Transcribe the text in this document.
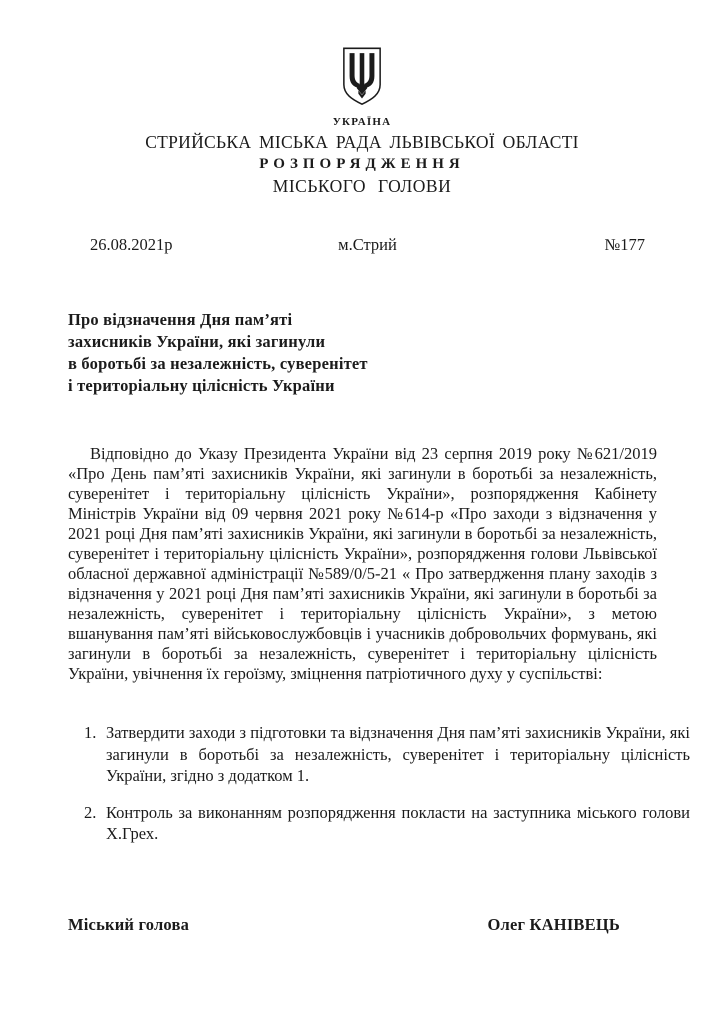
УКРАЇНА
СТРИЙСЬКА МІСЬКА РАДА ЛЬВІВСЬКОЇ ОБЛАСТІ
РОЗПОРЯДЖЕННЯ
МІСЬКОГО ГОЛОВИ
26.08.2021р	м.Стрий	№177
Про відзначення Дня пам’яті
захисників України, які загинули
в боротьбі за незалежність, суверенітет
і територіальну цілісність України

Відповідно до Указу Президента України від 23 серпня 2019 року №621/2019 «Про День пам’яті захисників України, які загинули в боротьбі за незалежність, суверенітет і територіальну цілісність України», розпорядження Кабінету Міністрів України від 09 червня 2021 року №614-р «Про заходи з відзначення у 2021 році Дня пам’яті захисників України, які загинули в боротьбі за незалежність, суверенітет і територіальну цілісність України», розпорядження голови Львівської обласної державної адміністрації №589/0/5-21 « Про затвердження плану заходів з відзначення у 2021 році Дня пам’яті захисників України, які загинули в боротьбі за незалежність, суверенітет і територіальну цілісність України», з метою вшанування пам’яті військовослужбовців і учасників добровольчих формувань, які загинули в боротьбі за незалежність, суверенітет і територіальну цілісність України, увічнення їх героїзму, зміцнення патріотичного духу у суспільстві:

1. Затвердити заходи з підготовки та відзначення Дня пам’яті захисників України, які загинули в боротьбі за незалежність, суверенітет і територіальну цілісність України, згідно з додатком 1.
2. Контроль за виконанням розпорядження покласти на заступника міського голови Х.Грех.
Міський голова	Олег КАНІВЕЦЬ
